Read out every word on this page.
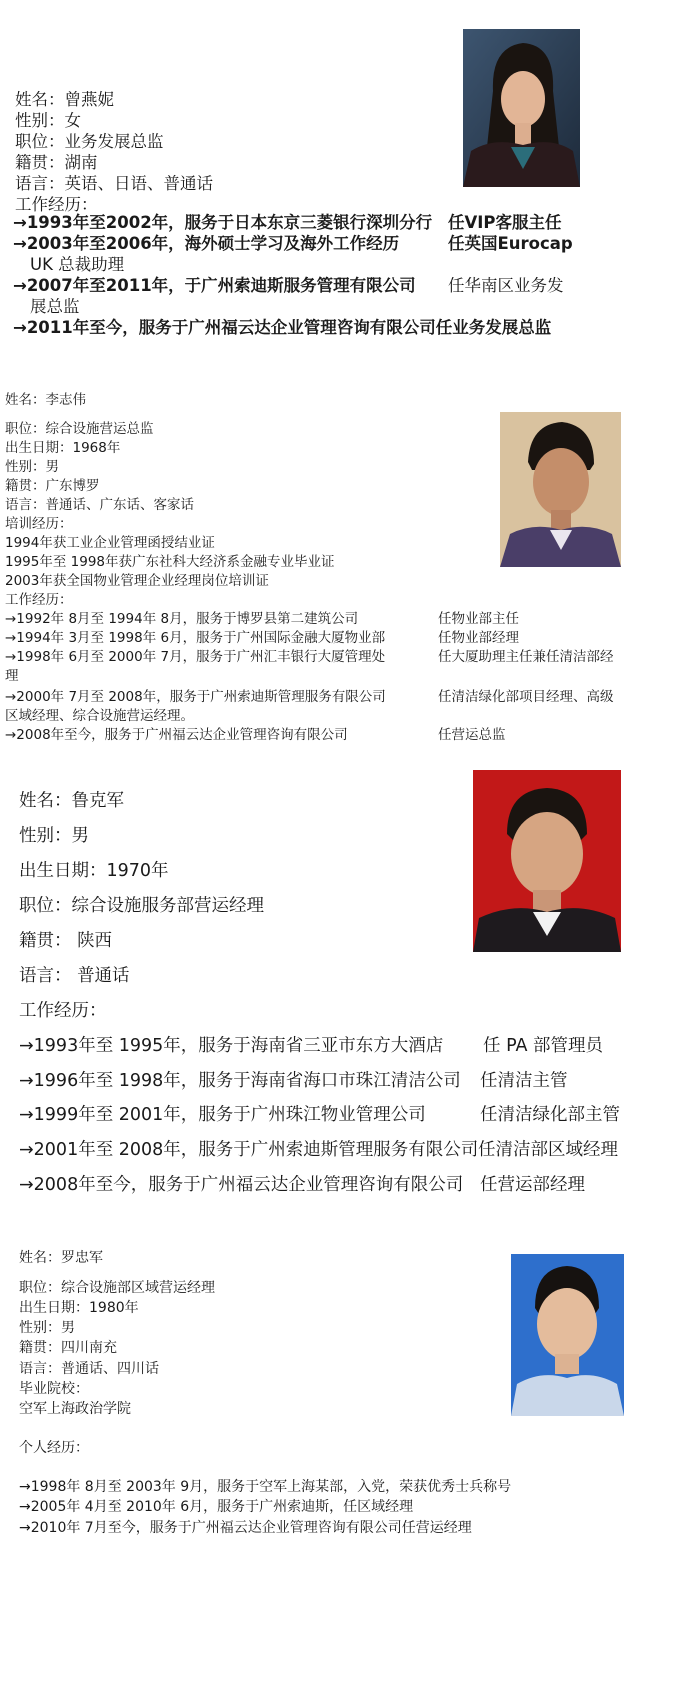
姓名：曾燕妮
性别：女
职位：业务发展总监
籍贯：湖南
语言：英语、日语、普通话
工作经历：
→1993年至2002年，服务于日本东京三菱银行深圳分行 任VIP客服主任
→2003年至2006年，海外硕士学习及海外工作经历	任英国Eurocap
UK 总裁助理
→2007年至2011年，于广州索迪斯服务管理有限公司 任华南区业务发
展总监
→2011年至今，服务于广州福云达企业管理咨询有限公司任业务发展总监
姓名：李志伟
职位：综合设施营运总监
出生日期：1968年
性别：男
籍贯：广东博罗
语言：普通话、广东话、客家话
培训经历：
1994年获工业企业管理函授结业证
1995年至 1998年获广东社科大经济系金融专业毕业证
2003年获全国物业管理企业经理岗位培训证
工作经历：
→1992年 8月至 1994年 8月，服务于博罗县第二建筑公司	任物业部主任
→1994年 3月至 1998年 6月，服务于广州国际金融大厦物业部	任物业部经理
→1998年 6月至 2000年 7月，服务于广州汇丰银行大厦管理处	任大厦助理主任兼任清洁部经
理
→2000年 7月至 2008年，服务于广州索迪斯管理服务有限公司	任清洁绿化部项目经理、高级
区域经理、综合设施营运经理。
→2008年至今，服务于广州福云达企业管理咨询有限公司	任营运总监
姓名：鲁克军
性别：男
出生日期：1970年
职位：综合设施服务部营运经理
籍贯： 陕西
语言： 普通话
工作经历：
→1993年至 1995年，服务于海南省三亚市东方大酒店 任 PA 部管理员
→1996年至 1998年，服务于海南省海口市珠江清洁公司 任清洁主管
→1999年至 2001年，服务于广州珠江物业管理公司	任清洁绿化部主管
→2001年至 2008年，服务于广州索迪斯管理服务有限公司 任清洁部区域经理
→2008年至今，服务于广州福云达企业管理咨询有限公司 任营运部经理
姓名：罗忠军
职位：综合设施部区域营运经理
出生日期：1980年
性别：男
籍贯：四川南充
语言：普通话、四川话
毕业院校：
空军上海政治学院
个人经历：
→1998年 8月至 2003年 9月，服务于空军上海某部，入党，荣获优秀士兵称号
→2005年 4月至 2010年 6月，服务于广州索迪斯，任区域经理
→2010年 7月至今，服务于广州福云达企业管理咨询有限公司任营运经理
